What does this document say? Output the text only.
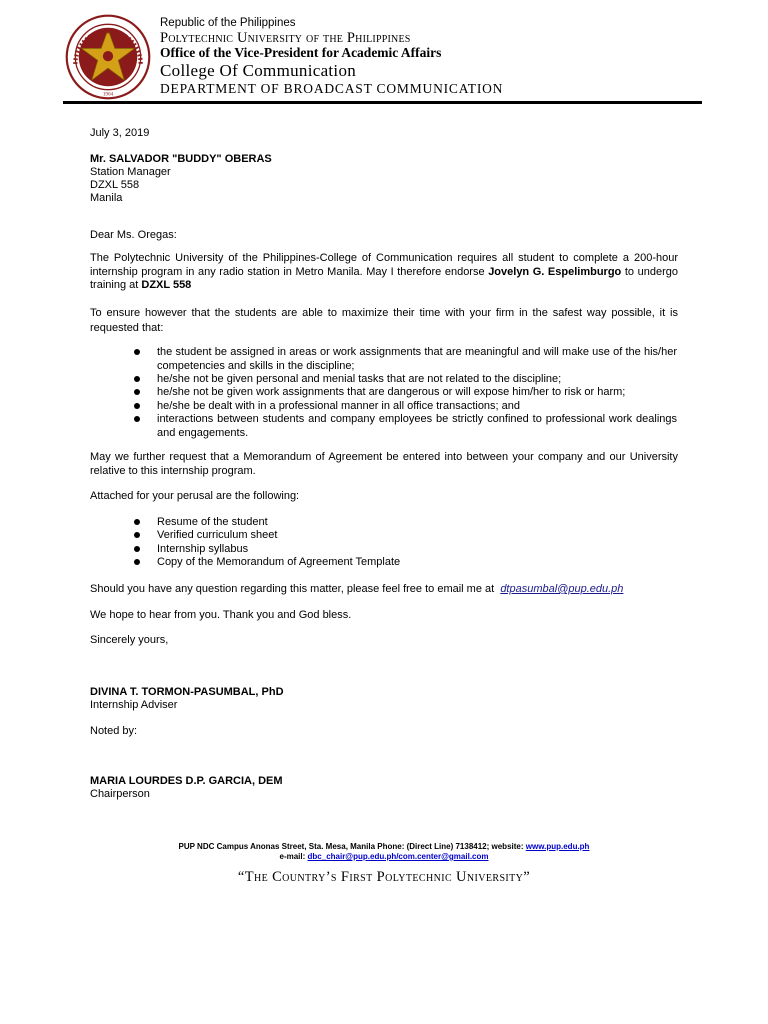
1904
Republic of the Philippines
Polytechnic University of the Philippines
Office of the Vice-President for Academic Affairs
College Of Communication
DEPARTMENT OF BROADCAST COMMUNICATION
July 3, 2019
Mr. SALVADOR "BUDDY" OBERAS
Station Manager
DZXL 558
Manila
Dear Ms. Oregas:
The Polytechnic University of the Philippines-College of Communication requires all student to complete a 200-hour internship program in any radio station in Metro Manila. May I therefore endorse Jovelyn G. Espelimburgo to undergo training at DZXL 558
To ensure however that the students are able to maximize their time with your firm in the safest way possible, it is requested that:
the student be assigned in areas or work assignments that are meaningful and will make use of the his/her competencies and skills in the discipline;
he/she not be given personal and menial tasks that are not related to the discipline;
he/she not be given work assignments that are dangerous or will expose him/her to risk or harm;
he/she be dealt with in a professional manner in all office transactions; and
interactions between students and company employees be strictly confined to professional work dealings and engagements.
May we further request that a Memorandum of Agreement be entered into between your company and our University relative to this internship program.
Attached for your perusal are the following:
Resume of the student
Verified curriculum sheet
Internship syllabus
Copy of the Memorandum of Agreement Template
Should you have any question regarding this matter, please feel free to email me at dtpasumbal@pup.edu.ph
We hope to hear from you. Thank you and God bless.
Sincerely yours,
DIVINA T. TORMON-PASUMBAL, PhD
Internship Adviser
Noted by:
MARIA LOURDES D.P. GARCIA, DEM
Chairperson
PUP NDC Campus Anonas Street, Sta. Mesa, Manila Phone: (Direct Line) 7138412; website: www.pup.edu.ph
e-mail: dbc_chair@pup.edu.ph/com.center@gmail.com
“The Country’s First Polytechnic University”
